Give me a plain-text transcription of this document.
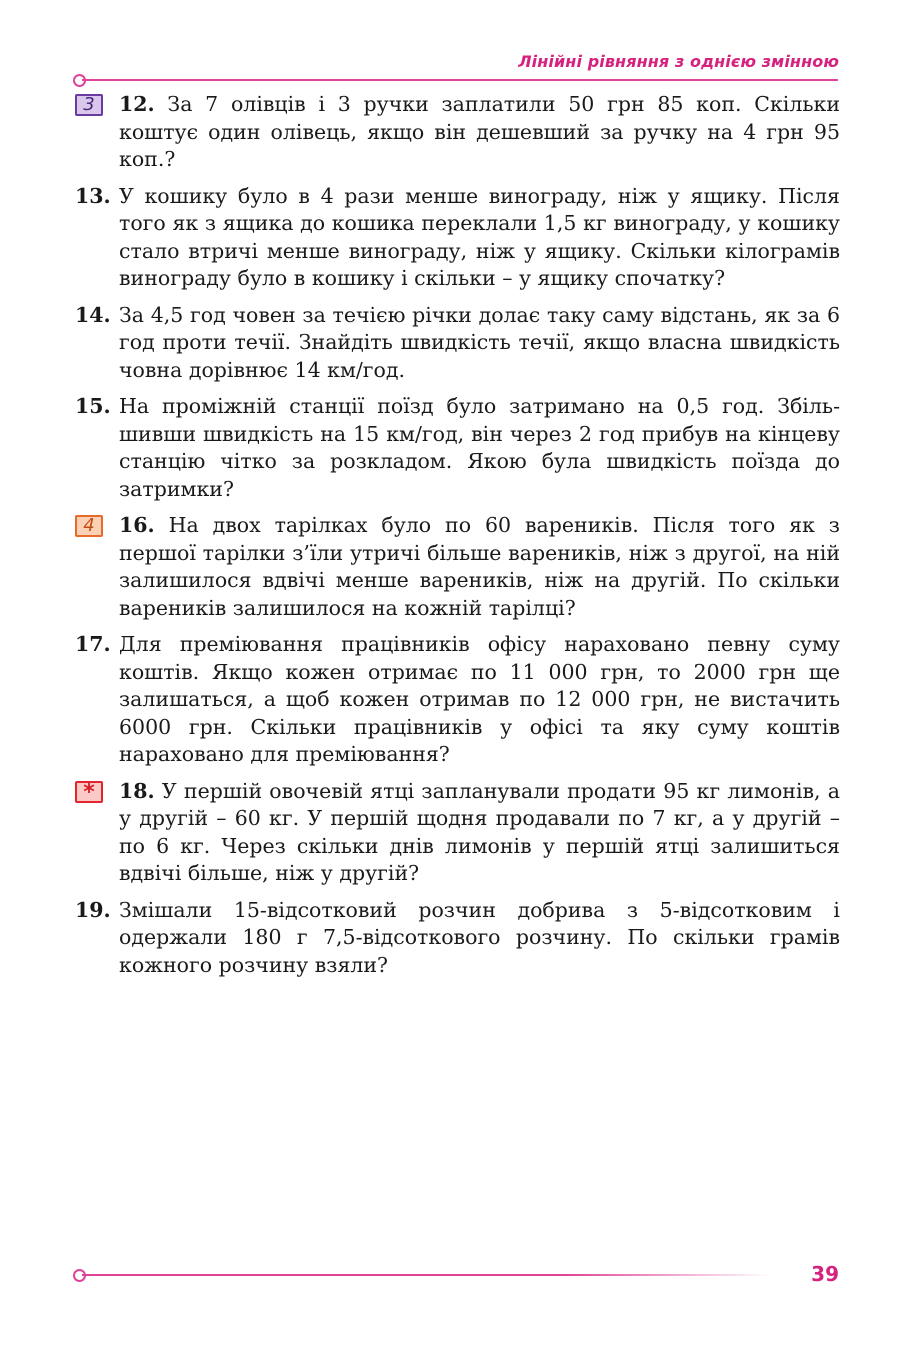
Лінійні рівняння з однією змінною
3	12. За 7 олівців і 3 ручки заплатили 50 грн 85 коп. Скільки коштує один олівець, якщо він дешевший за ручку на 4 грн 95 коп.?
13. У кошику було в 4 рази менше винограду, ніж у ящику. Після того як з ящика до кошика переклали 1,5 кг винограду, у кошику стало втричі менше винограду, ніж у ящику. Скільки кілограмів винограду було в кошику і скільки – у ящику спочатку?
14. За 4,5 год човен за течією річки долає таку саму відстань, як за 6 год проти течії. Знайдіть швидкість течії, якщо власна швидкість човна дорівнює 14 км/год.
15. На проміжній станції поїзд було затримано на 0,5 год. Збільшивши швидкість на 15 км/год, він через 2 год прибув на кінцеву станцію чітко за розкладом. Якою була швидкість поїзда до затримки?
4	16. На двох тарілках було по 60 вареників. Після того як з першої тарілки з’їли утричі більше вареників, ніж з другої, на ній залишилося вдвічі менше вареників, ніж на другій. По скільки вареників залишилося на кожній тарілці?
17. Для преміювання працівників офісу нараховано певну суму коштів. Якщо кожен отримає по 11 000 грн, то 2000 грн ще залишаться, а щоб кожен отримав по 12 000 грн, не вистачить 6000 грн. Скільки працівників у офісі та яку суму коштів нараховано для преміювання?
*	18. У першій овочевій ятці запланували продати 95 кг лимонів, а у другій – 60 кг. У першій щодня продавали по 7 кг, а у другій – по 6 кг. Через скільки днів лимонів у першій ятці залишиться вдвічі більше, ніж у другій?
19. Змішали 15-відсотковий розчин добрива з 5-відсотковим і одержали 180 г 7,5-відсоткового розчину. По скільки грамів кожного розчину взяли?
39
